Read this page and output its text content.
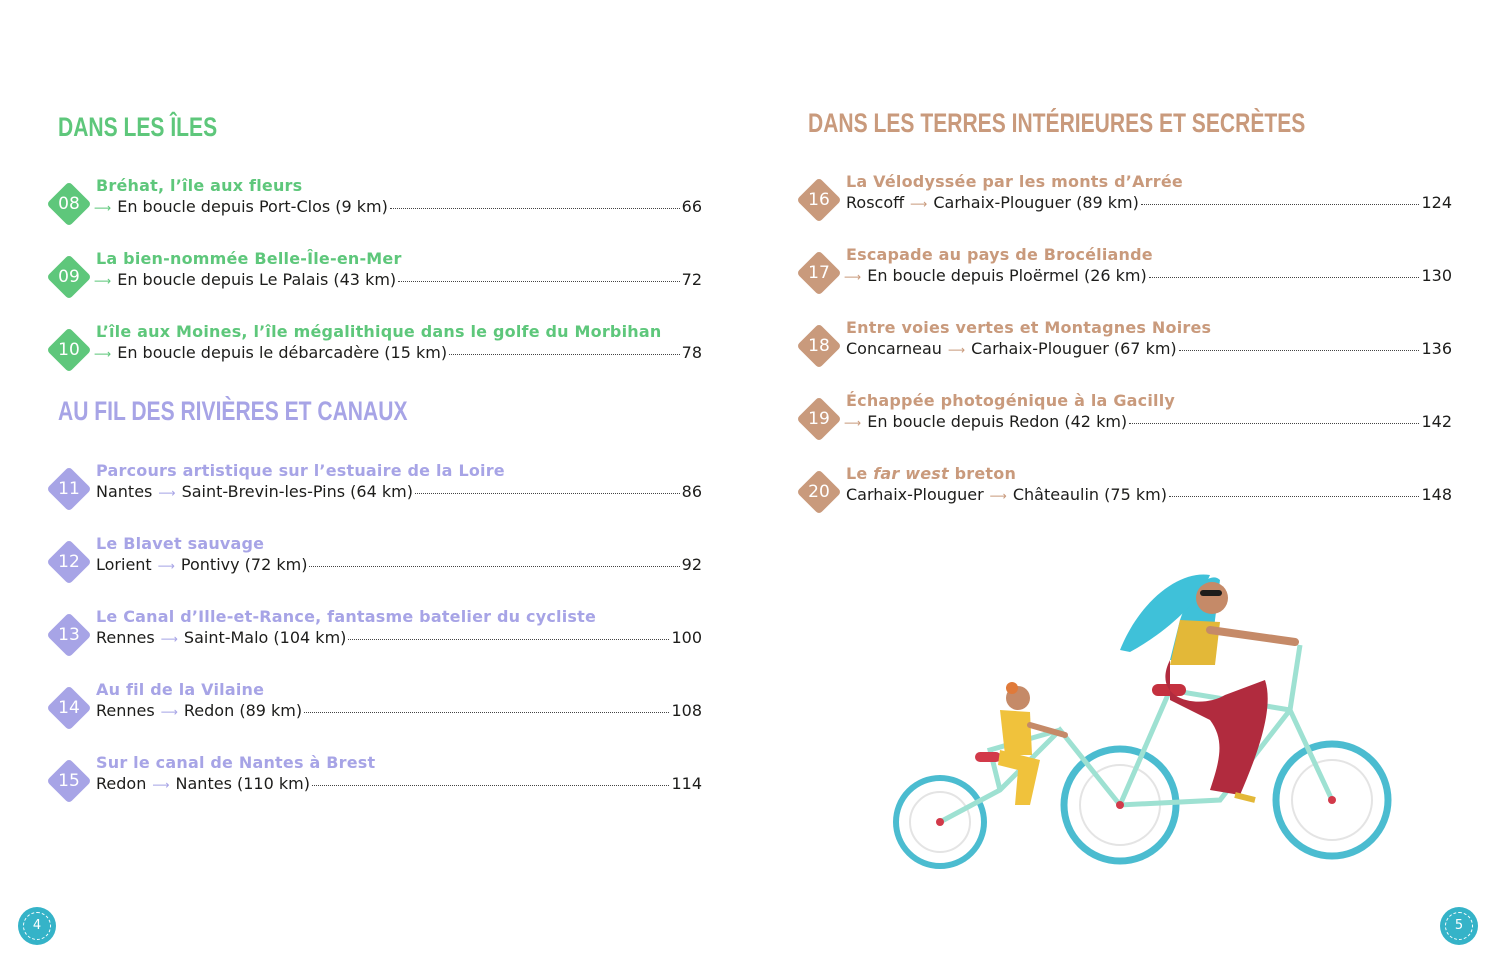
DANS LES ÎLES
AU FIL DES RIVIÈRES ET CANAUX
DANS LES TERRES INTÉRIEURES ET SECRÈTES
08
Bréhat, l’île aux fleurs
⟶ En boucle depuis Port-Clos (9 km)	66
09
La bien-nommée Belle-Île-en-Mer
⟶ En boucle depuis Le Palais (43 km)	72
10
L’île aux Moines, l’île mégalithique dans le golfe du Morbihan
⟶ En boucle depuis le débarcadère (15 km)	78
11
Parcours artistique sur l’estuaire de la Loire
Nantes ⟶ Saint-Brevin-les-Pins (64 km)	86
12
Le Blavet sauvage
Lorient ⟶ Pontivy (72 km)	92
13
Le Canal d’Ille-et-Rance, fantasme batelier du cycliste
Rennes ⟶ Saint-Malo (104 km)	100
14
Au fil de la Vilaine
Rennes ⟶ Redon (89 km)	108
15
Sur le canal de Nantes à Brest
Redon ⟶ Nantes (110 km)	114
16
La Vélodyssée par les monts d’Arrée
Roscoff ⟶ Carhaix-Plouguer (89 km)	124
17
Escapade au pays de Brocéliande
⟶ En boucle depuis Ploërmel (26 km)	130
18
Entre voies vertes et Montagnes Noires
Concarneau ⟶ Carhaix-Plouguer (67 km)	136
19
Échappée photogénique à la Gacilly
⟶ En boucle depuis Redon (42 km)	142
20
Le far west breton
Carhaix-Plouguer ⟶ Châteaulin (75 km)	148
4	5
